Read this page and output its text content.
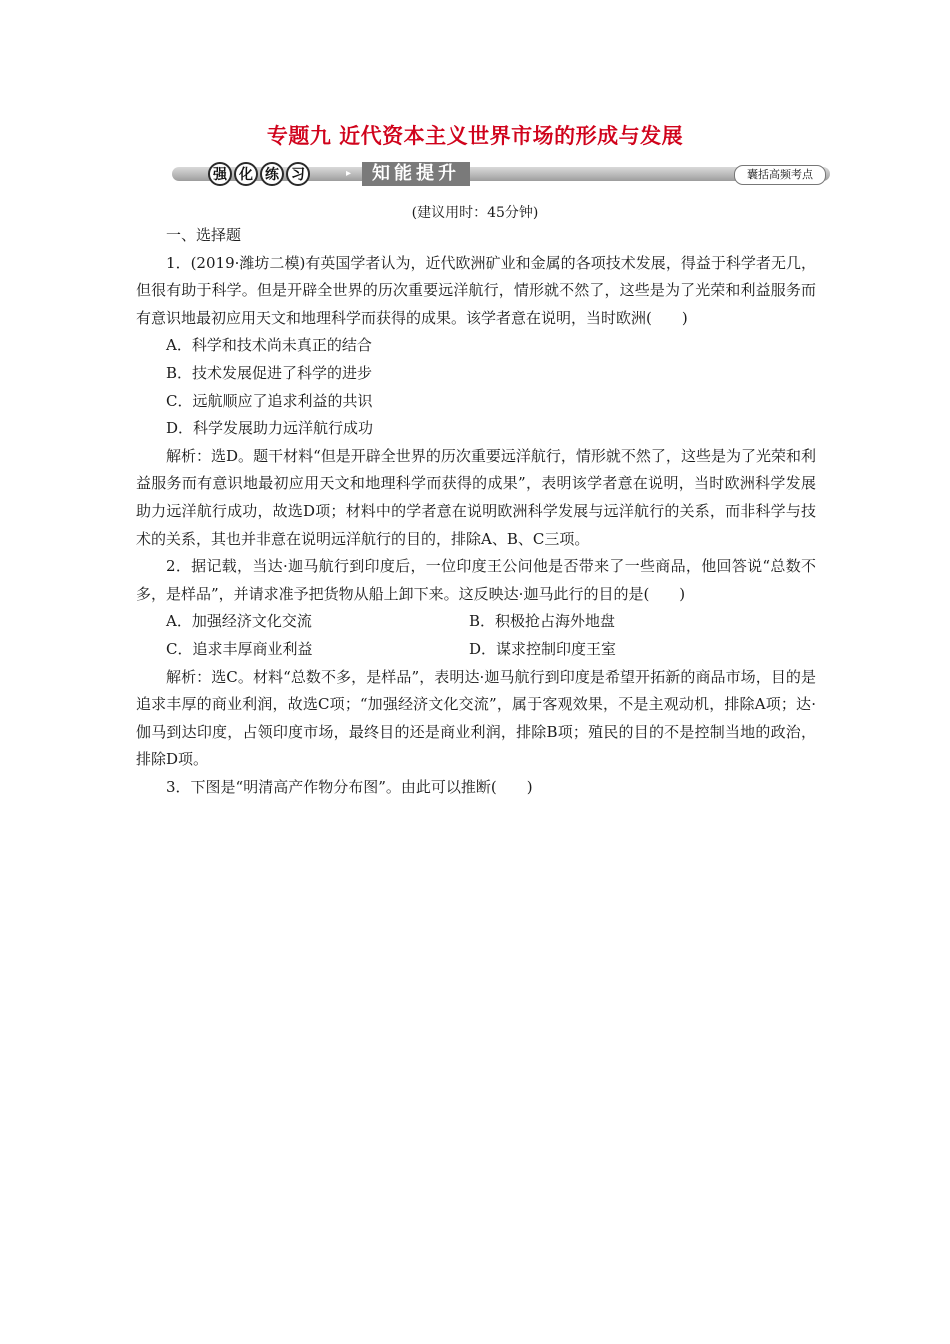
专题九 近代资本主义世界市场的形成与发展
强 化 练 习	▸	知能提升	囊括高频考点
(建议用时：45分钟)

一、选择题

1．(2019·潍坊二模)有英国学者认为，近代欧洲矿业和金属的各项技术发展，得益于科学者无几，但很有助于科学。但是开辟全世界的历次重要远洋航行，情形就不然了，这些是为了光荣和利益服务而有意识地最初应用天文和地理科学而获得的成果。该学者意在说明，当时欧洲(　　)

A．科学和技术尚未真正的结合

B．技术发展促进了科学的进步

C．远航顺应了追求利益的共识

D．科学发展助力远洋航行成功

解析：选D。题干材料“但是开辟全世界的历次重要远洋航行，情形就不然了，这些是为了光荣和利益服务而有意识地最初应用天文和地理科学而获得的成果”，表明该学者意在说明，当时欧洲科学发展助力远洋航行成功，故选D项；材料中的学者意在说明欧洲科学发展与远洋航行的关系，而非科学与技术的关系，其也并非意在说明远洋航行的目的，排除A、B、C三项。

2．据记载，当达·迦马航行到印度后，一位印度王公问他是否带来了一些商品，他回答说“总数不多，是样品”，并请求准予把货物从船上卸下来。这反映达·迦马此行的目的是(　　)

A．加强经济文化交流	B．积极抢占海外地盘
C．追求丰厚商业利益	D．谋求控制印度王室

解析：选C。材料“总数不多，是样品”，表明达·迦马航行到印度是希望开拓新的商品市场，目的是追求丰厚的商业利润，故选C项；“加强经济文化交流”，属于客观效果，不是主观动机，排除A项；达·伽马到达印度，占领印度市场，最终目的还是商业利润，排除B项；殖民的目的不是控制当地的政治，排除D项。

3．下图是“明清高产作物分布图”。由此可以推断(　　)
